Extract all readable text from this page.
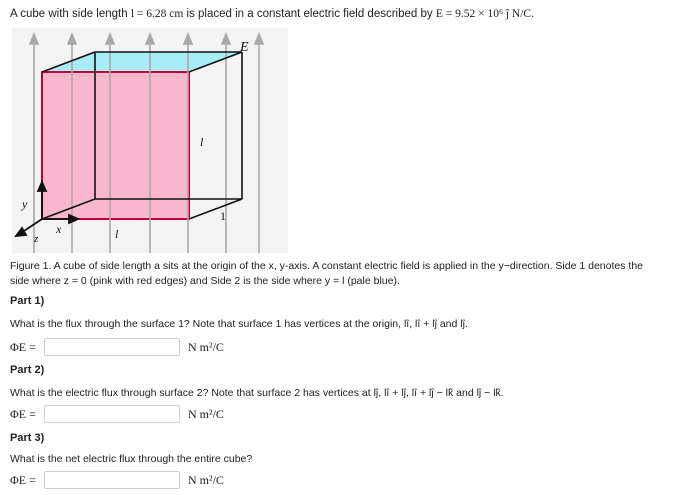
A cube with side length l = 6.28 cm is placed in a constant electric field described by E = 9.52 × 10⁶ ĵ N/C.
E
l
1
l
y
x
z
Figure 1. A cube of side length a sits at the origin of the x, y-axis. A constant electric field is applied in the y−direction. Side 1 denotes the
side where z = 0 (pink with red edges) and Side 2 is the side where y = l (pale blue).
Part 1)
What is the flux through the surface 1? Note that surface 1 has vertices at the origin, lî, lî + lĵ and lĵ.
ΦE =	N m²/C
Part 2)
What is the electric flux through surface 2? Note that surface 2 has vertices at lĵ, lî + lĵ, lî + lĵ − lk̂ and lĵ − lk̂.
ΦE =	N m²/C
Part 3)
What is the net electric flux through the entire cube?
ΦE =	N m²/C
